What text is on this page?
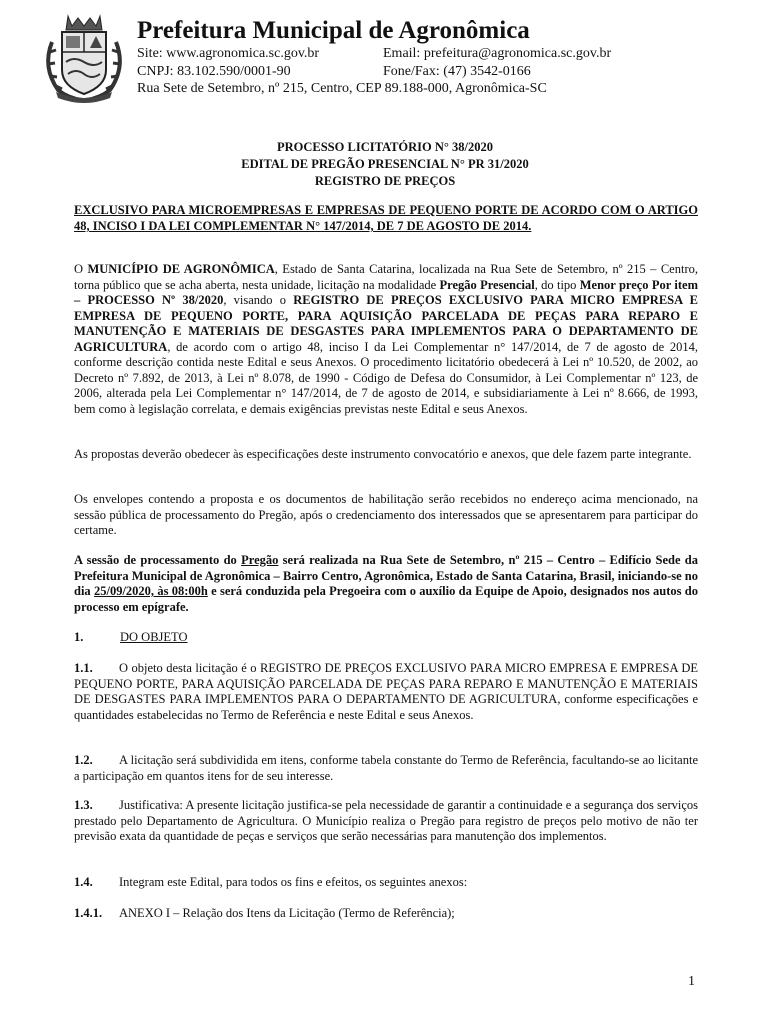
Prefeitura Municipal de Agronômica
Site: www.agronomica.sc.gov.br	Email: prefeitura@agronomica.sc.gov.br
CNPJ: 83.102.590/0001-90	Fone/Fax: (47) 3542-0166
Rua Sete de Setembro, nº 215, Centro, CEP 89.188-000, Agronômica-SC
PROCESSO LICITATÓRIO N° 38/2020
EDITAL DE PREGÃO PRESENCIAL N° PR 31/2020
REGISTRO DE PREÇOS
EXCLUSIVO PARA MICROEMPRESAS E EMPRESAS DE PEQUENO PORTE DE ACORDO COM O ARTIGO 48, INCISO I DA LEI COMPLEMENTAR N° 147/2014, DE 7 DE AGOSTO DE 2014.
O MUNICÍPIO DE AGRONÔMICA, Estado de Santa Catarina, localizada na Rua Sete de Setembro, nº 215 – Centro, torna público que se acha aberta, nesta unidade, licitação na modalidade Pregão Presencial, do tipo Menor preço Por item – PROCESSO Nº 38/2020, visando o REGISTRO DE PREÇOS EXCLUSIVO PARA MICRO EMPRESA E EMPRESA DE PEQUENO PORTE, PARA AQUISIÇÃO PARCELADA DE PEÇAS PARA REPARO E MANUTENÇÃO E MATERIAIS DE DESGASTES PARA IMPLEMENTOS PARA O DEPARTAMENTO DE AGRICULTURA, de acordo com o artigo 48, inciso I da Lei Complementar n° 147/2014, de 7 de agosto de 2014, conforme descrição contida neste Edital e seus Anexos. O procedimento licitatório obedecerá à Lei nº 10.520, de 2002, ao Decreto nº 7.892, de 2013, à Lei nº 8.078, de 1990 - Código de Defesa do Consumidor, à Lei Complementar nº 123, de 2006, alterada pela Lei Complementar n° 147/2014, de 7 de agosto de 2014, e subsidiariamente à Lei nº 8.666, de 1993, bem como à legislação correlata, e demais exigências previstas neste Edital e seus Anexos.
As propostas deverão obedecer às especificações deste instrumento convocatório e anexos, que dele fazem parte integrante.
Os envelopes contendo a proposta e os documentos de habilitação serão recebidos no endereço acima mencionado, na sessão pública de processamento do Pregão, após o credenciamento dos interessados que se apresentarem para participar do certame.
A sessão de processamento do Pregão será realizada na Rua Sete de Setembro, nº 215 – Centro – Edifício Sede da Prefeitura Municipal de Agronômica – Bairro Centro, Agronômica, Estado de Santa Catarina, Brasil, iniciando-se no dia 25/09/2020, às 08:00h e será conduzida pela Pregoeira com o auxílio da Equipe de Apoio, designados nos autos do processo em epígrafe.
1.	DO OBJETO
1.1. O objeto desta licitação é o REGISTRO DE PREÇOS EXCLUSIVO PARA MICRO EMPRESA E EMPRESA DE PEQUENO PORTE, PARA AQUISIÇÃO PARCELADA DE PEÇAS PARA REPARO E MANUTENÇÃO E MATERIAIS DE DESGASTES PARA IMPLEMENTOS PARA O DEPARTAMENTO DE AGRICULTURA, conforme especificações e quantidades estabelecidas no Termo de Referência e neste Edital e seus Anexos.
1.2. A licitação será subdividida em itens, conforme tabela constante do Termo de Referência, facultando-se ao licitante a participação em quantos itens for de seu interesse.
1.3. Justificativa: A presente licitação justifica-se pela necessidade de garantir a continuidade e a segurança dos serviços prestado pelo Departamento de Agricultura. O Município realiza o Pregão para registro de preços pelo motivo de não ter previsão exata da quantidade de peças e serviços que serão necessárias para manutenção dos implementos.
1.4. Integram este Edital, para todos os fins e efeitos, os seguintes anexos:
1.4.1. ANEXO I – Relação dos Itens da Licitação (Termo de Referência);
1
